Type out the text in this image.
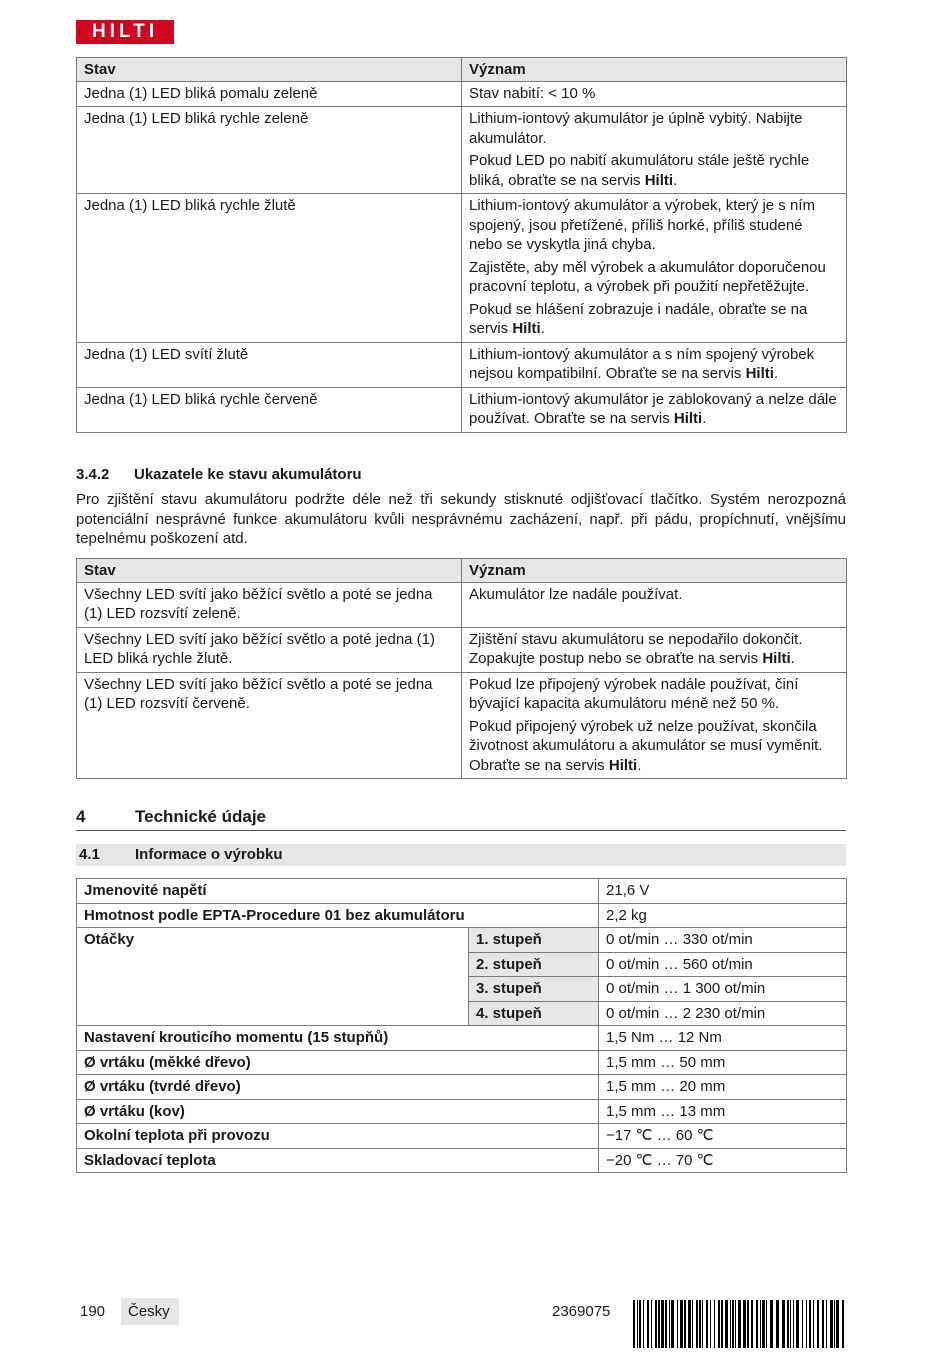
HILTI
Stav	Význam
Jedna (1) LED bliká pomalu zeleně	Stav nabití: < 10 %

Jedna (1) LED bliká rychle zeleně	Lithium-iontový akumulátor je úplně vybitý. Nabijte akumulátor.

Pokud LED po nabití akumulátoru stále ještě rychle bliká, obraťte se na servis Hilti.

Jedna (1) LED bliká rychle žlutě	Lithium-iontový akumulátor a výrobek, který je s ním spojený, jsou přetížené, příliš horké, příliš studené nebo se vyskytla jiná chyba.

Zajistěte, aby měl výrobek a akumulátor doporučenou pracovní teplotu, a výrobek při použití nepřetěžujte.

Pokud se hlášení zobrazuje i nadále, obraťte se na servis Hilti.

Jedna (1) LED svítí žlutě	Lithium-iontový akumulátor a s ním spojený výrobek nejsou kompatibilní. Obraťte se na servis Hilti.

Jedna (1) LED bliká rychle červeně	Lithium-iontový akumulátor je zablokovaný a nelze dále používat. Obraťte se na servis Hilti.

3.4.2 Ukazatele ke stavu akumulátoru

Pro zjištění stavu akumulátoru podržte déle než tři sekundy stisknuté odjišťovací tlačítko. Systém nerozpozná potenciální nesprávné funkce akumulátoru kvůli nesprávnému zacházení, např. při pádu, propíchnutí, vnějšímu tepelnému poškození atd.

Stav	Význam
Všechny LED svítí jako běžící světlo a poté se jedna (1) LED rozsvítí zeleně.	Akumulátor lze nadále používat.

Všechny LED svítí jako běžící světlo a poté jedna (1) LED bliká rychle žlutě.	Zjištění stavu akumulátoru se nepodařilo dokončit. Zopakujte postup nebo se obraťte na servis Hilti.

Všechny LED svítí jako běžící světlo a poté se jedna (1) LED rozsvítí červeně.	Pokud lze připojený výrobek nadále používat, činí bývající kapacita akumulátoru méně než 50 %.

Pokud připojený výrobek už nelze používat, skončila životnost akumulátoru a akumulátor se musí vyměnit. Obraťte se na servis Hilti.

4	Technické údaje
4.1 Informace o výrobku
Jmenovité napětí		21,6 V
Hmotnost podle EPTA-Procedure 01 bez akumulátoru		2,2 kg
Otáčky	1. stupeň	0 ot/min … 330 ot/min
	2. stupeň	0 ot/min … 560 ot/min
	3. stupeň	0 ot/min … 1 300 ot/min
	4. stupeň	0 ot/min … 2 230 ot/min
Nastavení krouticího momentu (15 stupňů)		1,5 Nm … 12 Nm
Ø vrtáku (měkké dřevo)		1,5 mm … 50 mm
Ø vrtáku (tvrdé dřevo)		1,5 mm … 20 mm
Ø vrtáku (kov)		1,5 mm … 13 mm
Okolní teplota při provozu		−17 ℃ … 60 ℃
Skladovací teplota		−20 ℃ … 70 ℃
190	Česky	2369075
